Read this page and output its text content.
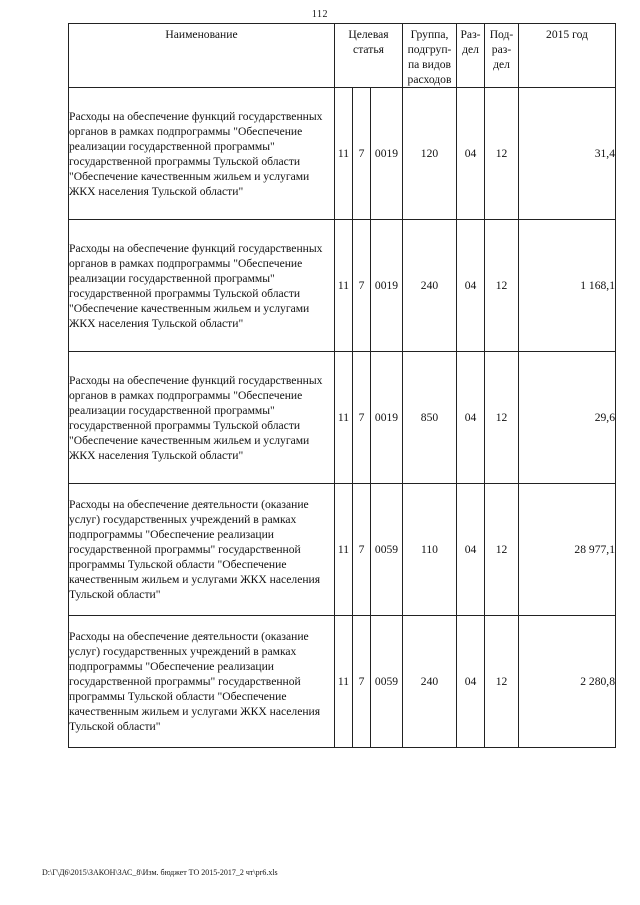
112
Наименование	Целевая статья			Группа, подгруп-па видов расходов	Раз-дел	Под-раз-дел	2015 год
Расходы на обеспечение функций государственных органов в рамках подпрограммы "Обеспечение реализации государственной программы" государственной программы Тульской области "Обеспечение качественным жильем и услугами ЖКХ населения Тульской области"	11	7	0019	120	04	12	31,4
Расходы на обеспечение функций государственных органов в рамках подпрограммы "Обеспечение реализации государственной программы" государственной программы Тульской области "Обеспечение качественным жильем и услугами ЖКХ населения Тульской области"	11	7	0019	240	04	12	1 168,1
Расходы на обеспечение функций государственных органов в рамках подпрограммы "Обеспечение реализации государственной программы" государственной программы Тульской области "Обеспечение качественным жильем и услугами ЖКХ населения Тульской области"	11	7	0019	850	04	12	29,6
Расходы на обеспечение деятельности (оказание услуг) государственных учреждений в рамках подпрограммы "Обеспечение реализации государственной программы" государственной программы Тульской области "Обеспечение качественным жильем и услугами ЖКХ населения Тульской области"	11	7	0059	110	04	12	28 977,1
Расходы на обеспечение деятельности (оказание услуг) государственных учреждений в рамках подпрограммы "Обеспечение реализации государственной программы" государственной программы Тульской области "Обеспечение качественным жильем и услугами ЖКХ населения Тульской области"	11	7	0059	240	04	12	2 280,8
D:\Г\Д6\2015\ЗАКОН\ЗАС_8\Изм. бюджет ТО 2015-2017_2 чт\pr6.xls
